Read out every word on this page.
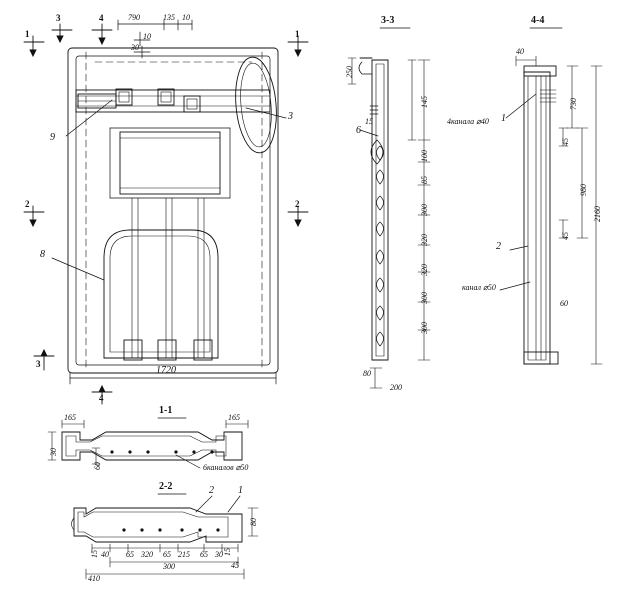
3	4
1
1
2	2
3
4
790	135 10
10
30
1720
3
9
8
3-3
6
4канала ⌀40
250
15
145
100
85
300
320
320
300
300
80
200
4-4
1
2
канал ⌀50
40
730
45
45
980
2160
60
1-1
165	165
30
60	6каналов ⌀50
2-2	2 1
80
15	15
40 65 320 65 215 65 30
45
300
410
